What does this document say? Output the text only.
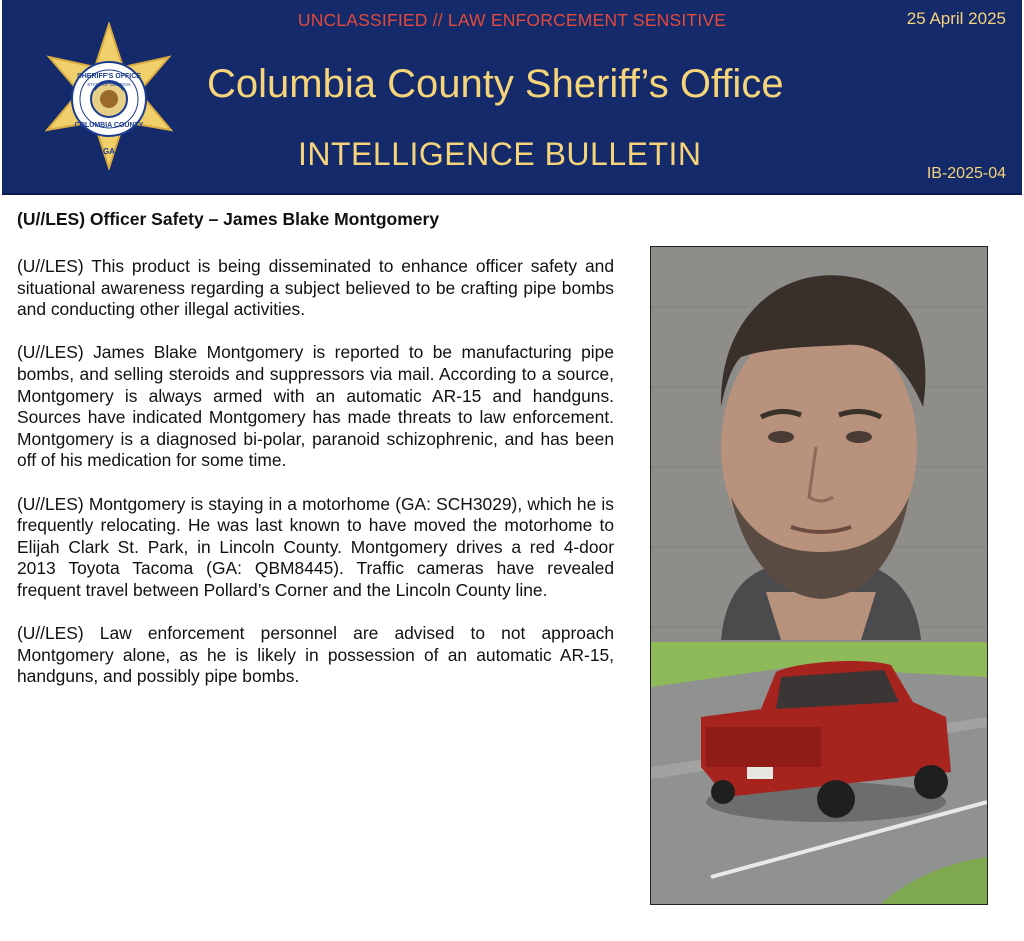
UNCLASSIFIED // LAW ENFORCEMENT SENSITIVE	25 April 2025
SHERIFF'S OFFICE
COLUMBIA COUNTY
STATE OF GEORGIA
GA
Columbia County Sheriff’s Office
INTELLIGENCE BULLETIN
IB-2025-04
(U//LES) Officer Safety – James Blake Montgomery

(U//LES) This product is being disseminated to enhance officer safety and situational awareness regarding a subject believed to be crafting pipe bombs and conducting other illegal activities.

(U//LES) James Blake Montgomery is reported to be manufacturing pipe bombs, and selling steroids and suppressors via mail. According to a source, Montgomery is always armed with an automatic AR-15 and handguns. Sources have indicated Montgomery has made threats to law enforcement. Montgomery is a diagnosed bi-polar, paranoid schizophrenic, and has been off of his medication for some time.

(U//LES) Montgomery is staying in a motorhome (GA: SCH3029), which he is frequently relocating. He was last known to have moved the motorhome to Elijah Clark St. Park, in Lincoln County. Montgomery drives a red 4-door 2013 Toyota Tacoma (GA: QBM8445). Traffic cameras have revealed frequent travel between Pollard’s Corner and the Lincoln County line.

(U//LES) Law enforcement personnel are advised to not approach Montgomery alone, as he is likely in possession of an automatic AR-15, handguns, and possibly pipe bombs.
